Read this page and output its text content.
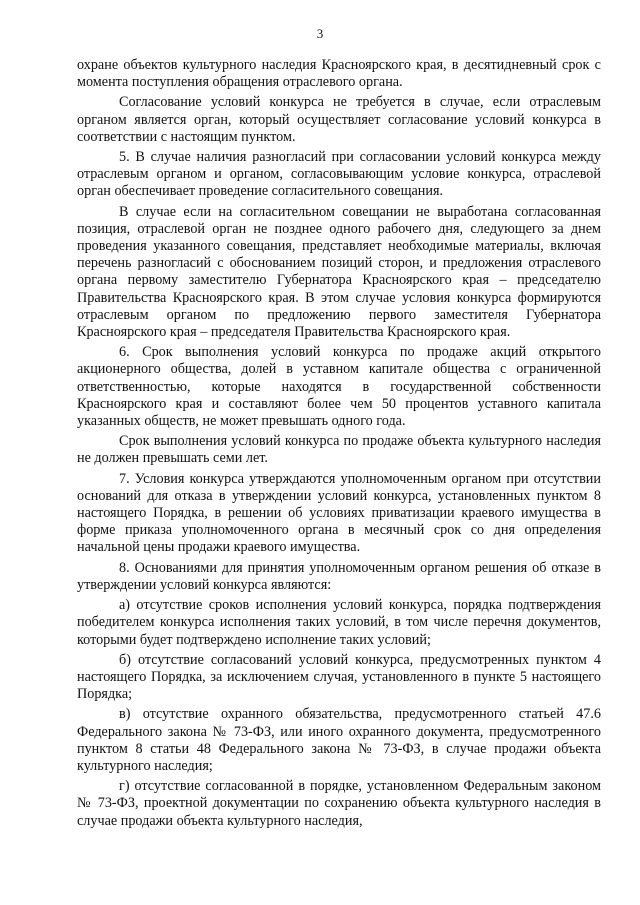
3

охране объектов культурного наследия Красноярского края, в десятидневный срок с момента поступления обращения отраслевого органа.

Согласование условий конкурса не требуется в случае, если отраслевым органом является орган, который осуществляет согласование условий конкурса в соответствии с настоящим пунктом.

5. В случае наличия разногласий при согласовании условий конкурса между отраслевым органом и органом, согласовывающим условие конкурса, отраслевой орган обеспечивает проведение согласительного совещания.

В случае если на согласительном совещании не выработана согласованная позиция, отраслевой орган не позднее одного рабочего дня, следующего за днем проведения указанного совещания, представляет необходимые материалы, включая перечень разногласий с обоснованием позиций сторон, и предложения отраслевого органа первому заместителю Губернатора Красноярского края – председателю Правительства Красноярского края. В этом случае условия конкурса формируются отраслевым органом по предложению первого заместителя Губернатора Красноярского края – председателя Правительства Красноярского края.

6. Срок выполнения условий конкурса по продаже акций открытого акционерного общества, долей в уставном капитале общества с ограниченной ответственностью, которые находятся в государственной собственности Красноярского края и составляют более чем 50 процентов уставного капитала указанных обществ, не может превышать одного года.

Срок выполнения условий конкурса по продаже объекта культурного наследия не должен превышать семи лет.

7. Условия конкурса утверждаются уполномоченным органом при отсутствии оснований для отказа в утверждении условий конкурса, установленных пунктом 8 настоящего Порядка, в решении об условиях приватизации краевого имущества в форме приказа уполномоченного органа в месячный срок со дня определения начальной цены продажи краевого имущества.

8. Основаниями для принятия уполномоченным органом решения об отказе в утверждении условий конкурса являются:

а) отсутствие сроков исполнения условий конкурса, порядка подтверждения победителем конкурса исполнения таких условий, в том числе перечня документов, которыми будет подтверждено исполнение таких условий;

б) отсутствие согласований условий конкурса, предусмотренных пунктом 4 настоящего Порядка, за исключением случая, установленного в пункте 5 настоящего Порядка;

в) отсутствие охранного обязательства, предусмотренного статьей 47.6 Федерального закона № 73-ФЗ, или иного охранного документа, предусмотренного пунктом 8 статьи 48 Федерального закона № 73-ФЗ, в случае продажи объекта культурного наследия;

г) отсутствие согласованной в порядке, установленном Федеральным законом № 73-ФЗ, проектной документации по сохранению объекта культурного наследия в случае продажи объекта культурного наследия,
